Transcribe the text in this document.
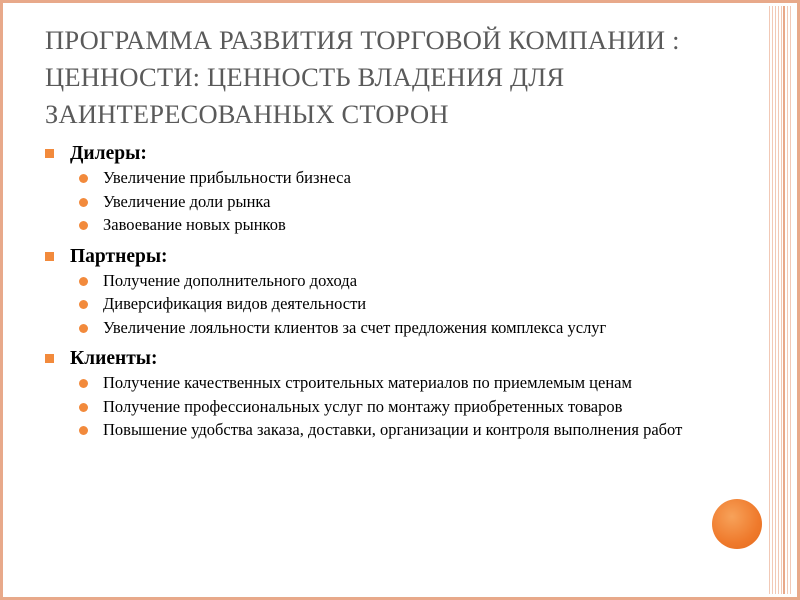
ПРОГРАММА РАЗВИТИЯ ТОРГОВОЙ КОМПАНИИ : ЦЕННОСТИ: ЦЕННОСТЬ ВЛАДЕНИЯ ДЛЯ ЗАИНТЕРЕСОВАННЫХ СТОРОН
Дилеры:
Увеличение прибыльности бизнеса
Увеличение доли рынка
Завоевание новых рынков
Партнеры:
Получение дополнительного дохода
Диверсификация видов деятельности
Увеличение лояльности клиентов за счет предложения комплекса услуг
Клиенты:
Получение качественных строительных материалов по приемлемым ценам
Получение профессиональных услуг по монтажу приобретенных товаров
Повышение удобства заказа, доставки, организации и контроля выполнения работ
